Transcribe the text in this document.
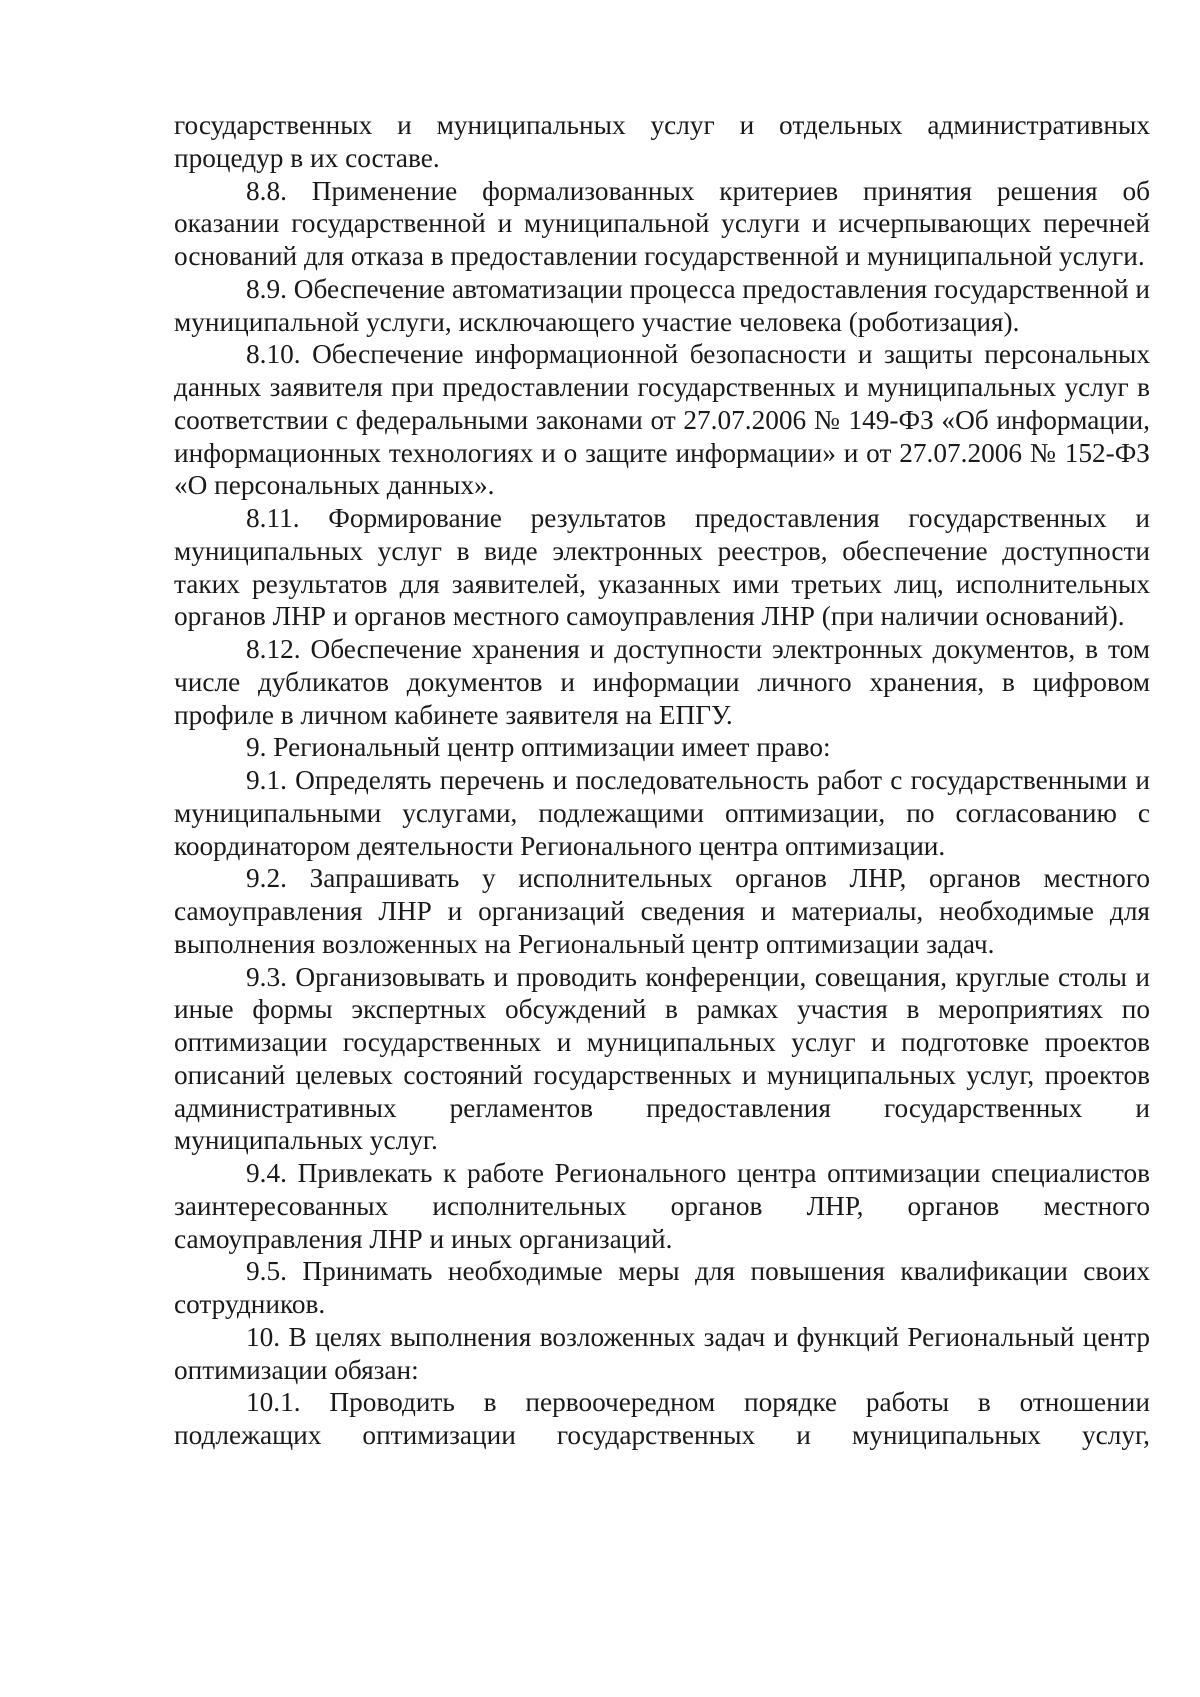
государственных и муниципальных услуг и отдельных административных процедур в их составе.

8.8. Применение формализованных критериев принятия решения об оказании государственной и муниципальной услуги и исчерпывающих перечней оснований для отказа в предоставлении государственной и муниципальной услуги.

8.9. Обеспечение автоматизации процесса предоставления государственной и муниципальной услуги, исключающего участие человека (роботизация).

8.10. Обеспечение информационной безопасности и защиты персональных данных заявителя при предоставлении государственных и муниципальных услуг в соответствии с федеральными законами от 27.07.2006 № 149-ФЗ «Об информации, информационных технологиях и о защите информации» и от 27.07.2006 № 152-ФЗ «О персональных данных».

8.11. Формирование результатов предоставления государственных и муниципальных услуг в виде электронных реестров, обеспечение доступности таких результатов для заявителей, указанных ими третьих лиц, исполнительных органов ЛНР и органов местного самоуправления ЛНР (при наличии оснований).

8.12. Обеспечение хранения и доступности электронных документов, в том числе дубликатов документов и информации личного хранения, в цифровом профиле в личном кабинете заявителя на ЕПГУ.

9. Региональный центр оптимизации имеет право:

9.1. Определять перечень и последовательность работ с государственными и муниципальными услугами, подлежащими оптимизации, по согласованию с координатором деятельности Регионального центра оптимизации.

9.2. Запрашивать у исполнительных органов ЛНР, органов местного самоуправления ЛНР и организаций сведения и материалы, необходимые для выполнения возложенных на Региональный центр оптимизации задач.

9.3. Организовывать и проводить конференции, совещания, круглые столы и иные формы экспертных обсуждений в рамках участия в мероприятиях по оптимизации государственных и муниципальных услуг и подготовке проектов описаний целевых состояний государственных и муниципальных услуг, проектов административных регламентов предоставления государственных и муниципальных услуг.

9.4. Привлекать к работе Регионального центра оптимизации специалистов заинтересованных исполнительных органов ЛНР, органов местного самоуправления ЛНР и иных организаций.

9.5. Принимать необходимые меры для повышения квалификации своих сотрудников.

10. В целях выполнения возложенных задач и функций Региональный центр оптимизации обязан:

10.1. Проводить в первоочередном порядке работы в отношении подлежащих оптимизации государственных и муниципальных услуг,
